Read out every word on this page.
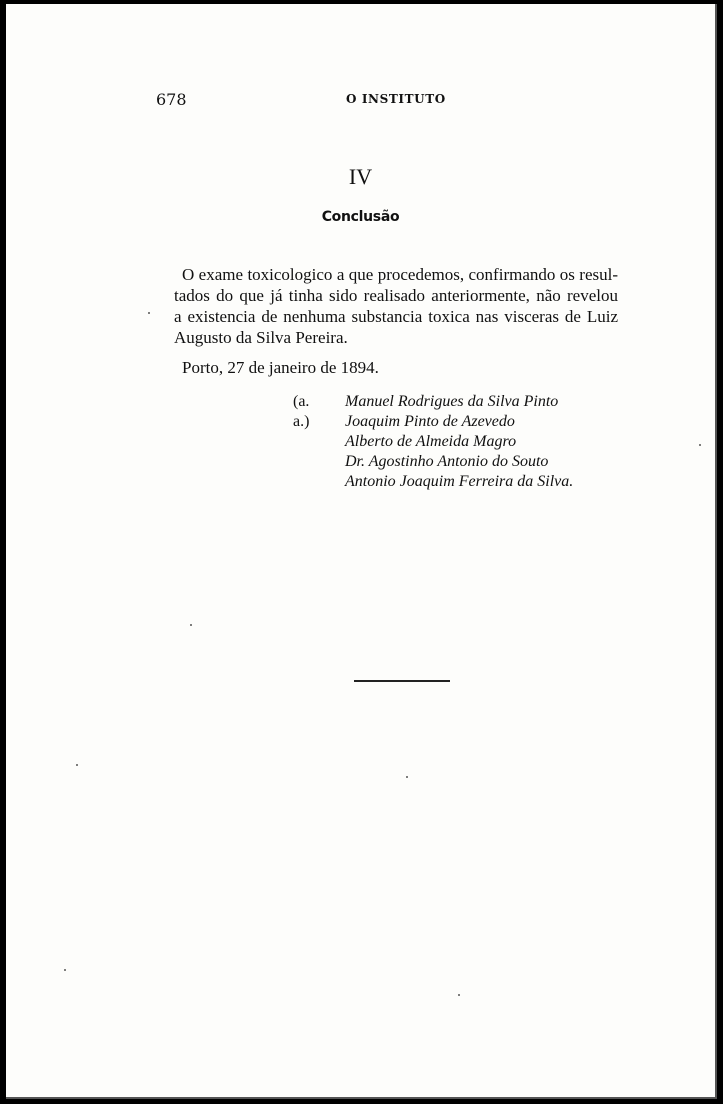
678	O INSTITUTO
IV
Conclusão
O exame toxicologico a que procedemos, confirmando os resul-
tados do que já tinha sido realisado anteriormente, não revelou
a existencia de nenhuma substancia toxica nas visceras de Luiz
Augusto da Silva Pereira.
Porto, 27 de janeiro de 1894.
(a. a.)
Manuel Rodrigues da Silva Pinto
Joaquim Pinto de Azevedo
Alberto de Almeida Magro
Dr. Agostinho Antonio do Souto
Antonio Joaquim Ferreira da Silva.
